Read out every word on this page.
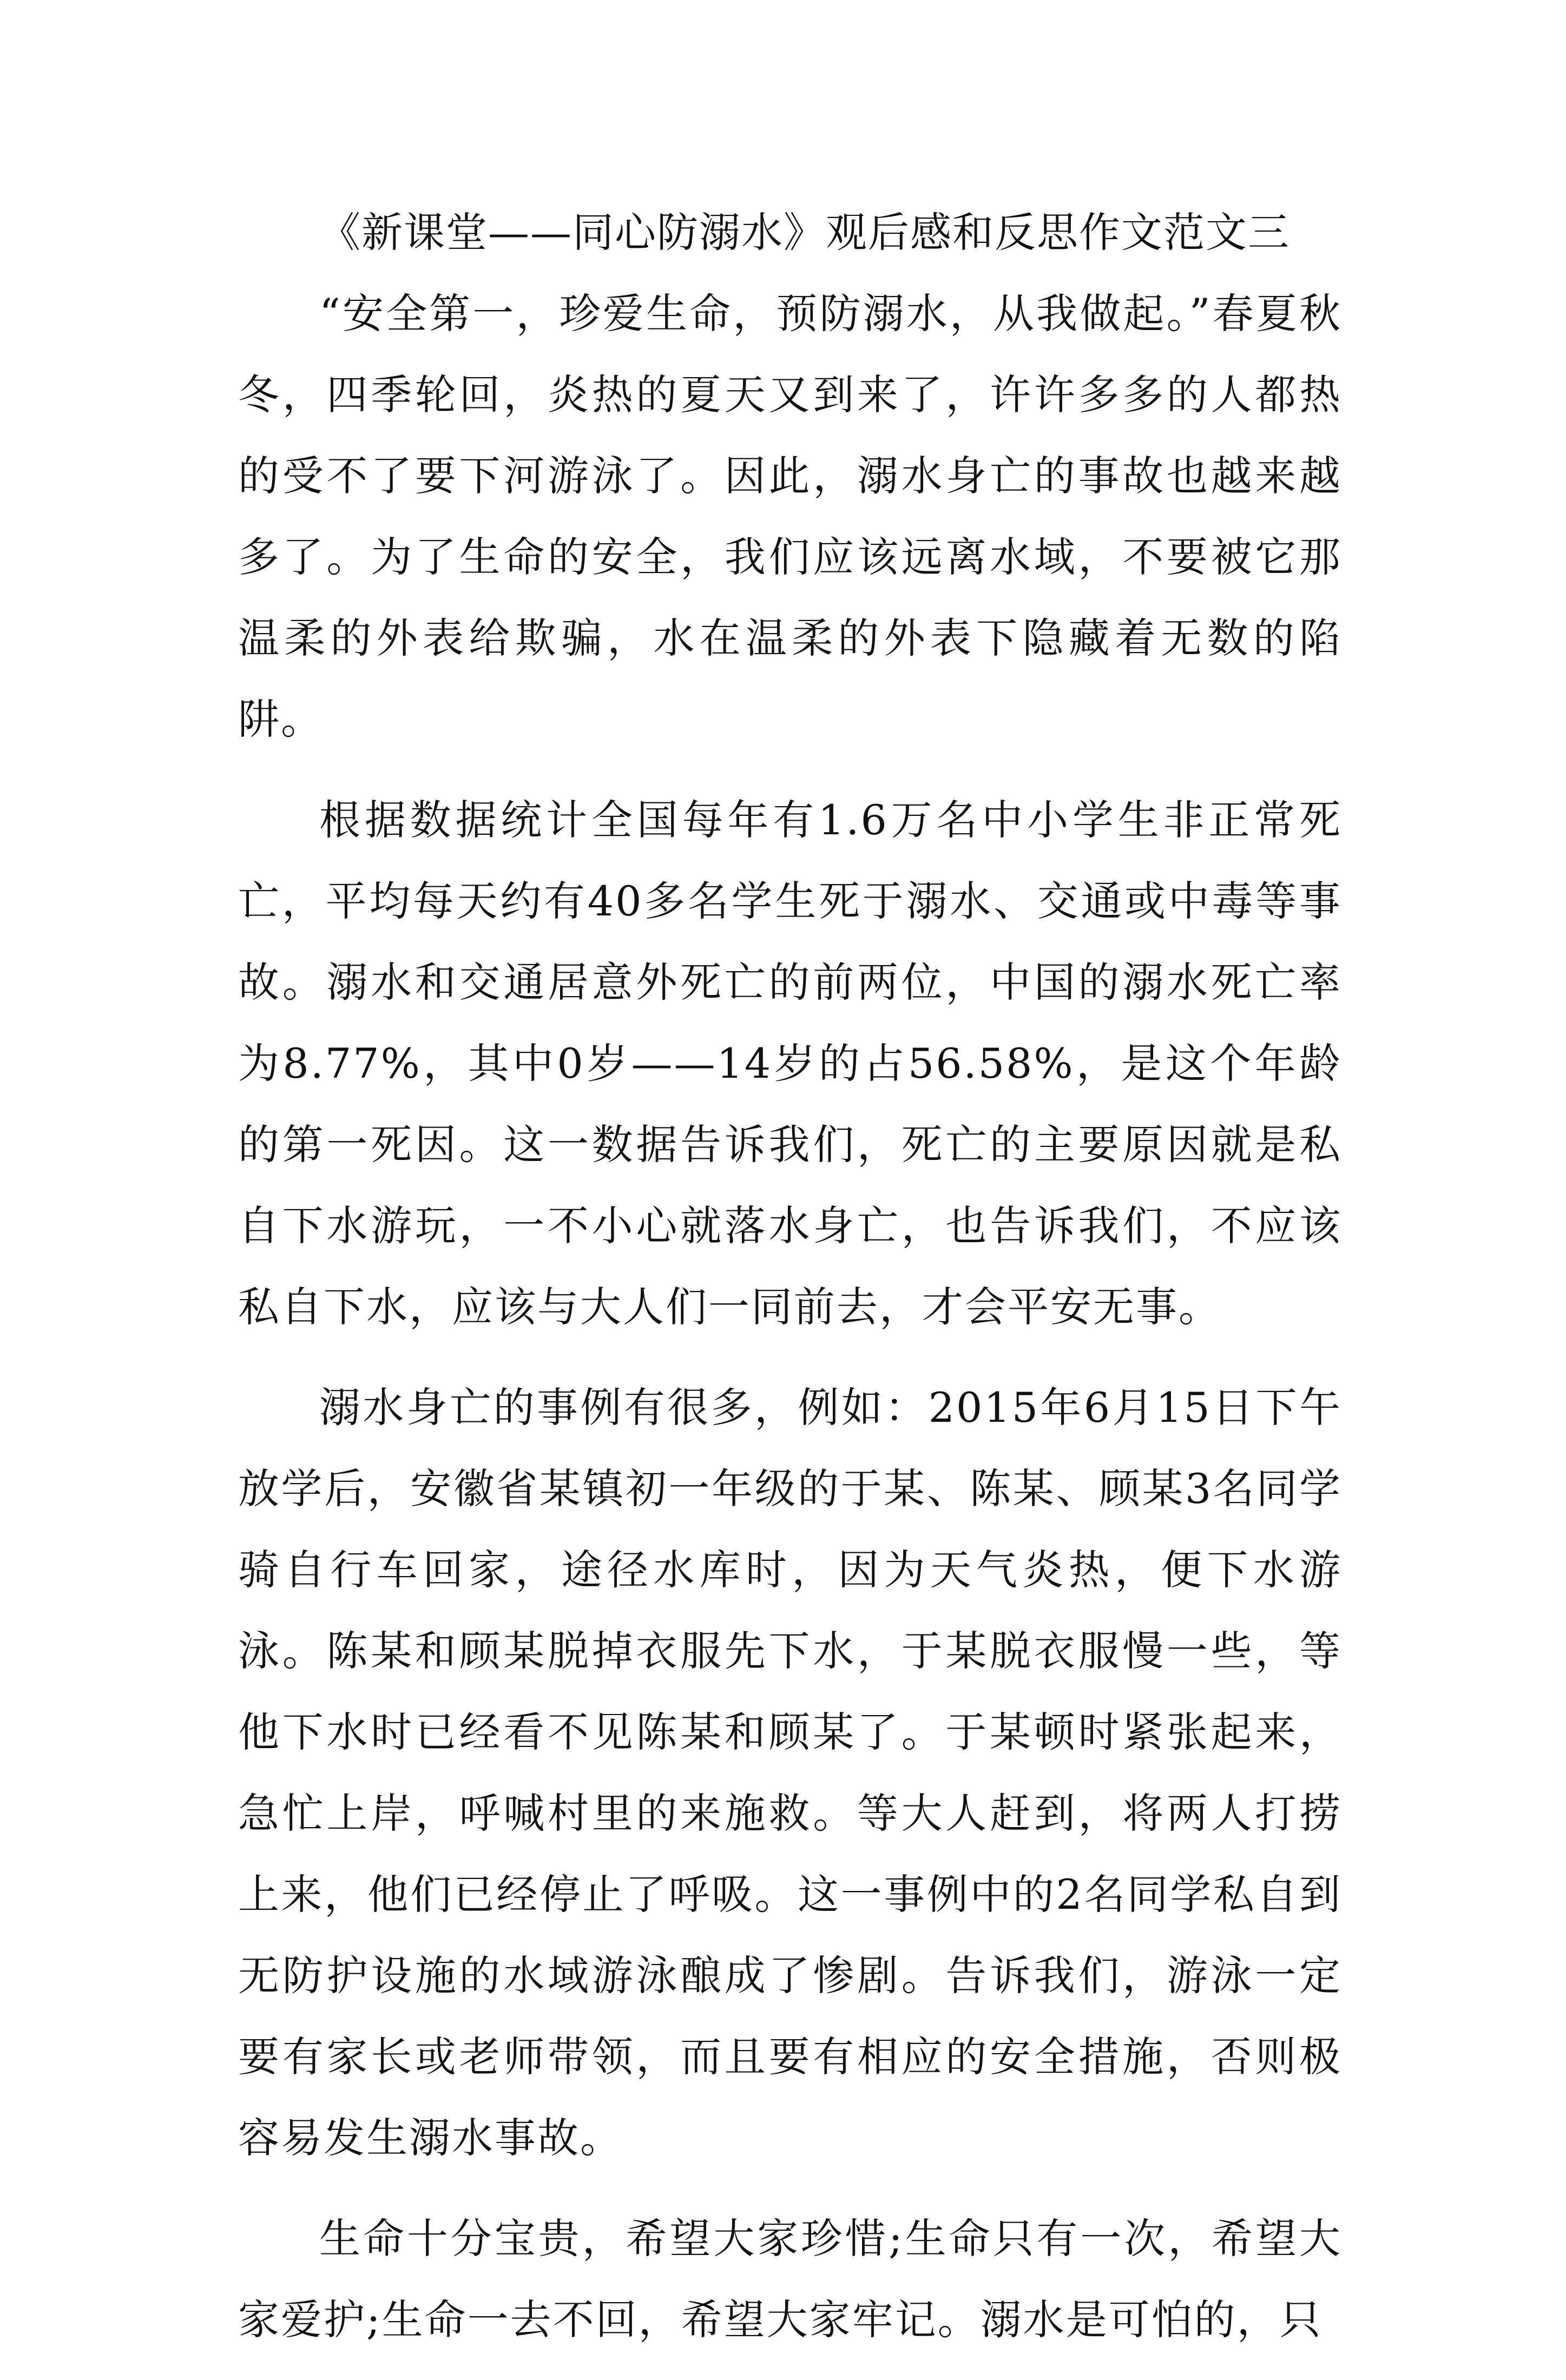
《新课堂——同心防溺水》观后感和反思作文范文三

“安全第一，珍爱生命，预防溺水，从我做起。”春夏秋冬，四季轮回，炎热的夏天又到来了，许许多多的人都热的受不了要下河游泳了。因此，溺水身亡的事故也越来越多了。为了生命的安全，我们应该远离水域，不要被它那温柔的外表给欺骗，水在温柔的外表下隐藏着无数的陷阱。

根据数据统计全国每年有1.6万名中小学生非正常死亡，平均每天约有40多名学生死于溺水、交通或中毒等事故。溺水和交通居意外死亡的前两位，中国的溺水死亡率为8.77%，其中0岁——14岁的占56.58%，是这个年龄的第一死因。这一数据告诉我们，死亡的主要原因就是私自下水游玩，一不小心就落水身亡，也告诉我们，不应该私自下水，应该与大人们一同前去，才会平安无事。

溺水身亡的事例有很多，例如：2015年6月15日下午放学后，安徽省某镇初一年级的于某、陈某、顾某3名同学骑自行车回家，途径水库时，因为天气炎热，便下水游泳。陈某和顾某脱掉衣服先下水，于某脱衣服慢一些，等他下水时已经看不见陈某和顾某了。于某顿时紧张起来，急忙上岸，呼喊村里的来施救。等大人赶到，将两人打捞上来，他们已经停止了呼吸。这一事例中的2名同学私自到无防护设施的水域游泳酿成了惨剧。告诉我们，游泳一定要有家长或老师带领，而且要有相应的安全措施，否则极容易发生溺水事故。

生命十分宝贵，希望大家珍惜;生命只有一次，希望大家爱护;生命一去不回，希望大家牢记。溺水是可怕的，只
